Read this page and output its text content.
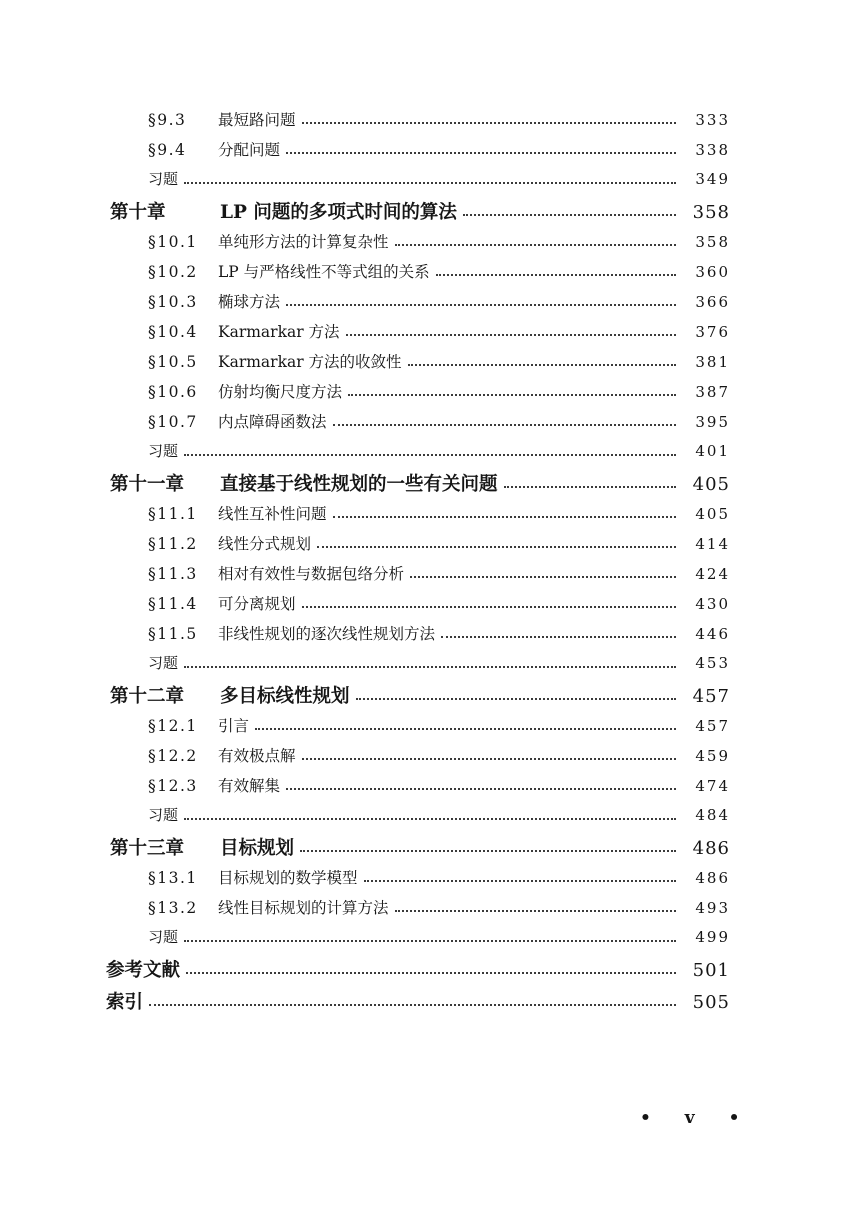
§9.3	最短路问题	333
§9.4	分配问题	338
习题	349
第十章	LP 问题的多项式时间的算法	358
§10.1	单纯形方法的计算复杂性	358
§10.2	LP 与严格线性不等式组的关系	360
§10.3	椭球方法	366
§10.4	Karmarkar 方法	376
§10.5	Karmarkar 方法的收敛性	381
§10.6	仿射均衡尺度方法	387
§10.7	内点障碍函数法	395
习题	401
第十一章	直接基于线性规划的一些有关问题	405
§11.1	线性互补性问题	405
§11.2	线性分式规划	414
§11.3	相对有效性与数据包络分析	424
§11.4	可分离规划	430
§11.5	非线性规划的逐次线性规划方法	446
习题	453
第十二章	多目标线性规划	457
§12.1	引言	457
§12.2	有效极点解	459
§12.3	有效解集	474
习题	484
第十三章	目标规划	486
§13.1	目标规划的数学模型	486
§13.2	线性目标规划的计算方法	493
习题	499
参考文献	501
索引	505
• v •
